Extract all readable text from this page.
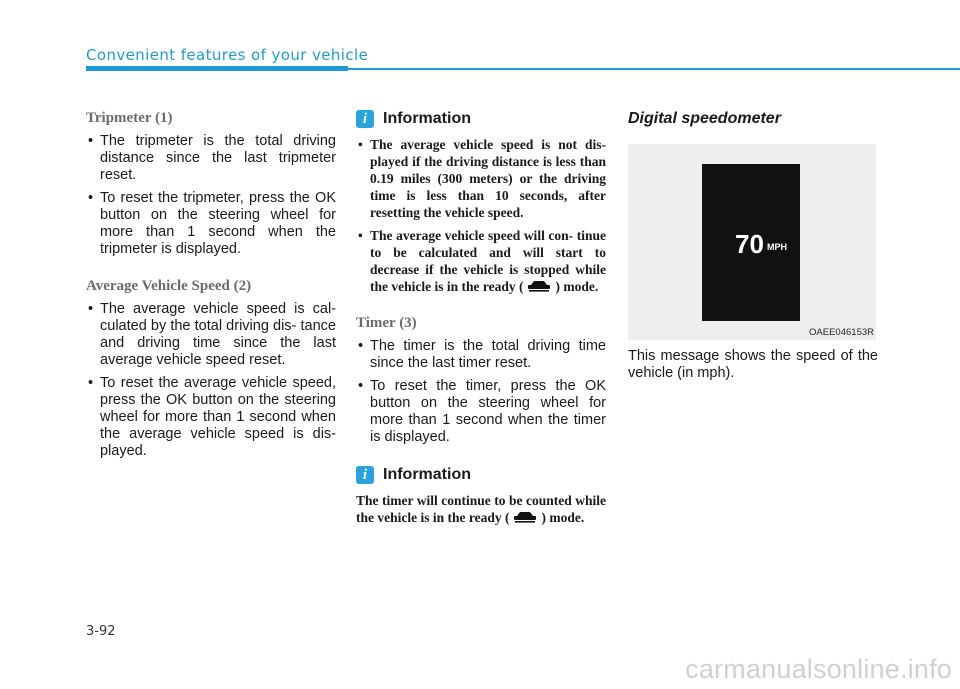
Convenient features of your vehicle
Tripmeter (1)
• The tripmeter is the total driving distance since the last tripmeter reset.
• To reset the tripmeter, press the OK button on the steering wheel for more than 1 second when the tripmeter is displayed.
Average Vehicle Speed (2)
• The average vehicle speed is cal- culated by the total driving dis- tance and driving time since the last average vehicle speed reset.
• To reset the average vehicle speed, press the OK button on the steering wheel for more than 1 second when the average vehicle speed is dis- played.
i Information
• The average vehicle speed is not dis- played if the driving distance is less than 0.19 miles (300 meters) or the driving time is less than 10 seconds, after resetting the vehicle speed.
• The average vehicle speed will con- tinue to be calculated and will start to decrease if the vehicle is stopped while the vehicle is in the ready ( ) mode.
Timer (3)
• The timer is the total driving time since the last timer reset.
• To reset the timer, press the OK button on the steering wheel for more than 1 second when the timer is displayed.
i Information

The timer will continue to be counted while the vehicle is in the ready ( ) mode.

Digital speedometer
70 MPH
OAEE046153R

This message shows the speed of the vehicle (in mph).

3-92
carmanualsonline.info
